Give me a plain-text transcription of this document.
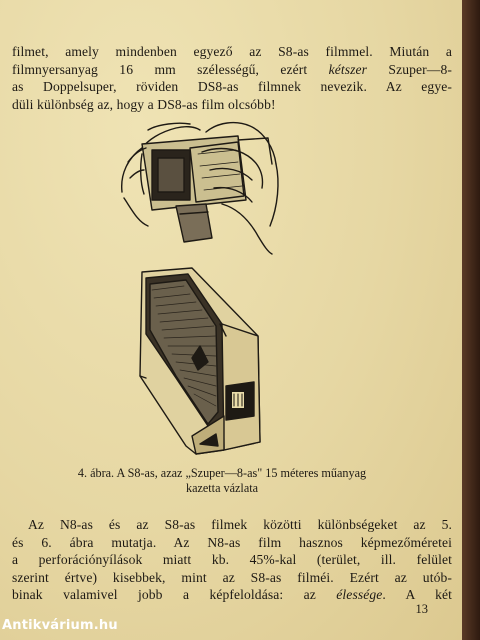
filmet, amely mindenben egyező az S8-as filmmel. Miután a
filmnyersanyag 16 mm szélességű, ezért kétszer Szuper—8-
as Doppelsuper, röviden DS8-as filmnek nevezik. Az egye-
düli különbség az, hogy a DS8-as film olcsóbb!
4. ábra. A S8-as, azaz „Szuper—8-as" 15 méteres műanyag
kazetta vázlata
Az N8-as és az S8-as filmek közötti különbségeket az 5.
és 6. ábra mutatja. Az N8-as film hasznos képmezőméretei
a perforációnyílások miatt kb. 45%-kal (terület, ill. felület
szerint értve) kisebbek, mint az S8-as filméi. Ezért az utób-
binak valamivel jobb a képfeloldása: az élessége. A két
13
Antikvárium.hu
